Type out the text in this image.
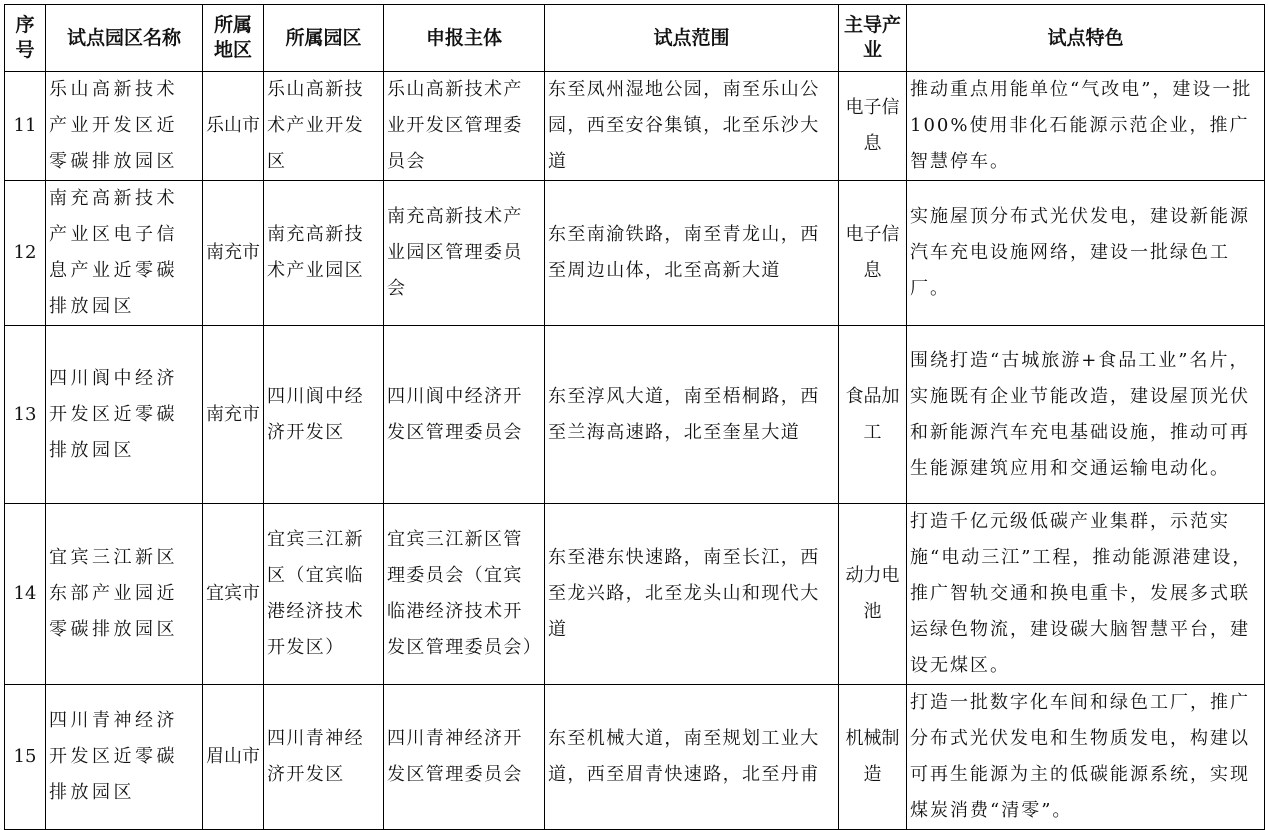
序号	试点园区名称	所属地区	所属园区	申报主体	试点范围	主导产业	试点特色
11	乐山高新技术产业开发区近零碳排放园区	乐山市	乐山高新技术产业开发区	乐山高新技术产业开发区管理委员会	东至凤州湿地公园，南至乐山公园，西至安谷集镇，北至乐沙大道	电子信息	推动重点用能单位“气改电”，建设一批100%使用非化石能源示范企业，推广智慧停车。
12	南充高新技术产业区电子信息产业近零碳排放园区	南充市	南充高新技术产业园区	南充高新技术产业园区管理委员会	东至南渝铁路，南至青龙山，西至周边山体，北至高新大道	电子信息	实施屋顶分布式光伏发电，建设新能源汽车充电设施网络，建设一批绿色工厂。
13	四川阆中经济开发区近零碳排放园区	南充市	四川阆中经济开发区	四川阆中经济开发区管理委员会	东至淳风大道，南至梧桐路，西至兰海高速路，北至奎星大道	食品加工	围绕打造“古城旅游+食品工业”名片，实施既有企业节能改造，建设屋顶光伏和新能源汽车充电基础设施，推动可再生能源建筑应用和交通运输电动化。
14	宜宾三江新区东部产业园近零碳排放园区	宜宾市	宜宾三江新区（宜宾临港经济技术开发区）	宜宾三江新区管理委员会（宜宾临港经济技术开发区管理委员会）	东至港东快速路，南至长江，西至龙兴路，北至龙头山和现代大道	动力电池	打造千亿元级低碳产业集群，示范实施“电动三江”工程，推动能源港建设，推广智轨交通和换电重卡，发展多式联运绿色物流，建设碳大脑智慧平台，建设无煤区。
15	四川青神经济开发区近零碳排放园区	眉山市	四川青神经济开发区	四川青神经济开发区管理委员会	东至机械大道，南至规划工业大道，西至眉青快速路，北至丹甫	机械制造	打造一批数字化车间和绿色工厂，推广分布式光伏发电和生物质发电，构建以可再生能源为主的低碳能源系统，实现煤炭消费“清零”。
